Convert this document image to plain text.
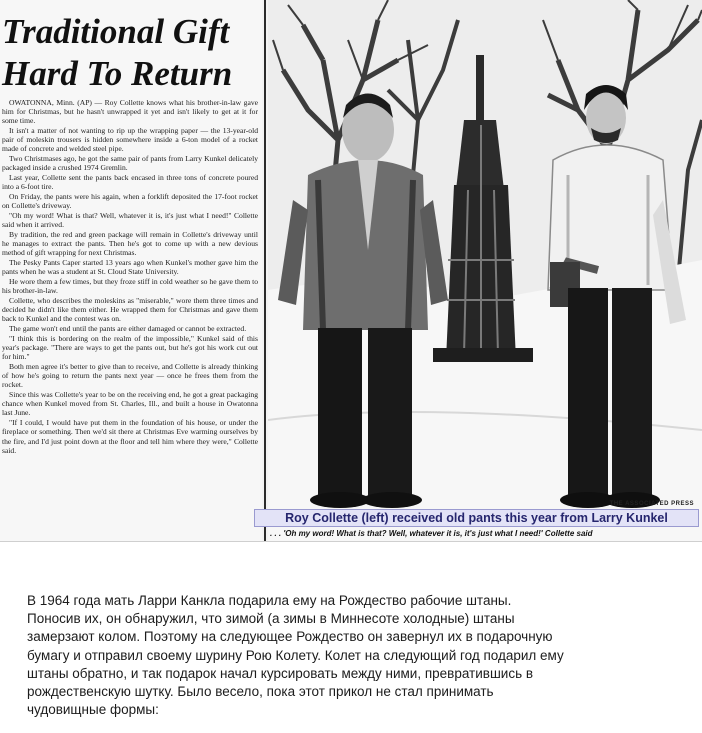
Traditional Gift
Hard To Return

OWATONNA, Minn. (AP) — Roy Collette knows what his brother-in-law gave him for Christmas, but he hasn't unwrapped it yet and isn't likely to get at it for some time.

It isn't a matter of not wanting to rip up the wrapping paper — the 13-year-old pair of moleskin trousers is hidden somewhere inside a 6-ton model of a rocket made of concrete and welded steel pipe.

Two Christmases ago, he got the same pair of pants from Larry Kunkel delicately packaged inside a crushed 1974 Gremlin.

Last year, Collette sent the pants back encased in three tons of concrete poured into a 6-foot tire.

On Friday, the pants were his again, when a forklift deposited the 17-foot rocket on Collette's driveway.

"Oh my word! What is that? Well, whatever it is, it's just what I need!" Collette said when it arrived.

By tradition, the red and green package will remain in Collette's driveway until he manages to extract the pants. Then he's got to come up with a new devious method of gift wrapping for next Christmas.

The Pesky Pants Caper started 13 years ago when Kunkel's mother gave him the pants when he was a student at St. Cloud State University.

He wore them a few times, but they froze stiff in cold weather so he gave them to his brother-in-law.

Collette, who describes the moleskins as "miserable," wore them three times and decided he didn't like them either. He wrapped them for Christmas and gave them back to Kunkel and the contest was on.

The game won't end until the pants are either damaged or cannot be extracted.

"I think this is bordering on the realm of the impossible," Kunkel said of this year's package. "There are ways to get the pants out, but he's got his work cut out for him."

Both men agree it's better to give than to receive, and Collette is already thinking of how he's going to return the pants next year — once he frees them from the rocket.

Since this was Collette's year to be on the receiving end, he got a great packaging chance when Kunkel moved from St. Charles, Ill., and built a house in Owatonna last June.

"If I could, I would have put them in the foundation of his house, or under the fireplace or something. Then we'd sit there at Christmas Eve warming ourselves by the fire, and I'd just point down at the floor and tell him where they were," Collette said.

THE ASSOCIATED PRESS
Roy Collette (left) received old pants this year from Larry Kunkel
. . . 'Oh my word! What is that? Well, whatever it is, it's just what I need!' Collette said
В 1964 года мать Ларри Канкла подарила ему на Рождество рабочие штаны.
Поносив их, он обнаружил, что зимой (а зимы в Миннесоте холодные) штаны
замерзают колом. Поэтому на следующее Рождество он завернул их в подарочную
бумагу и отправил своему шурину Рою Колету. Колет на следующий год подарил ему
штаны обратно, и так подарок начал курсировать между ними, превратившись в
рождественскую шутку. Было весело, пока этот прикол не стал принимать
чудовищные формы:
